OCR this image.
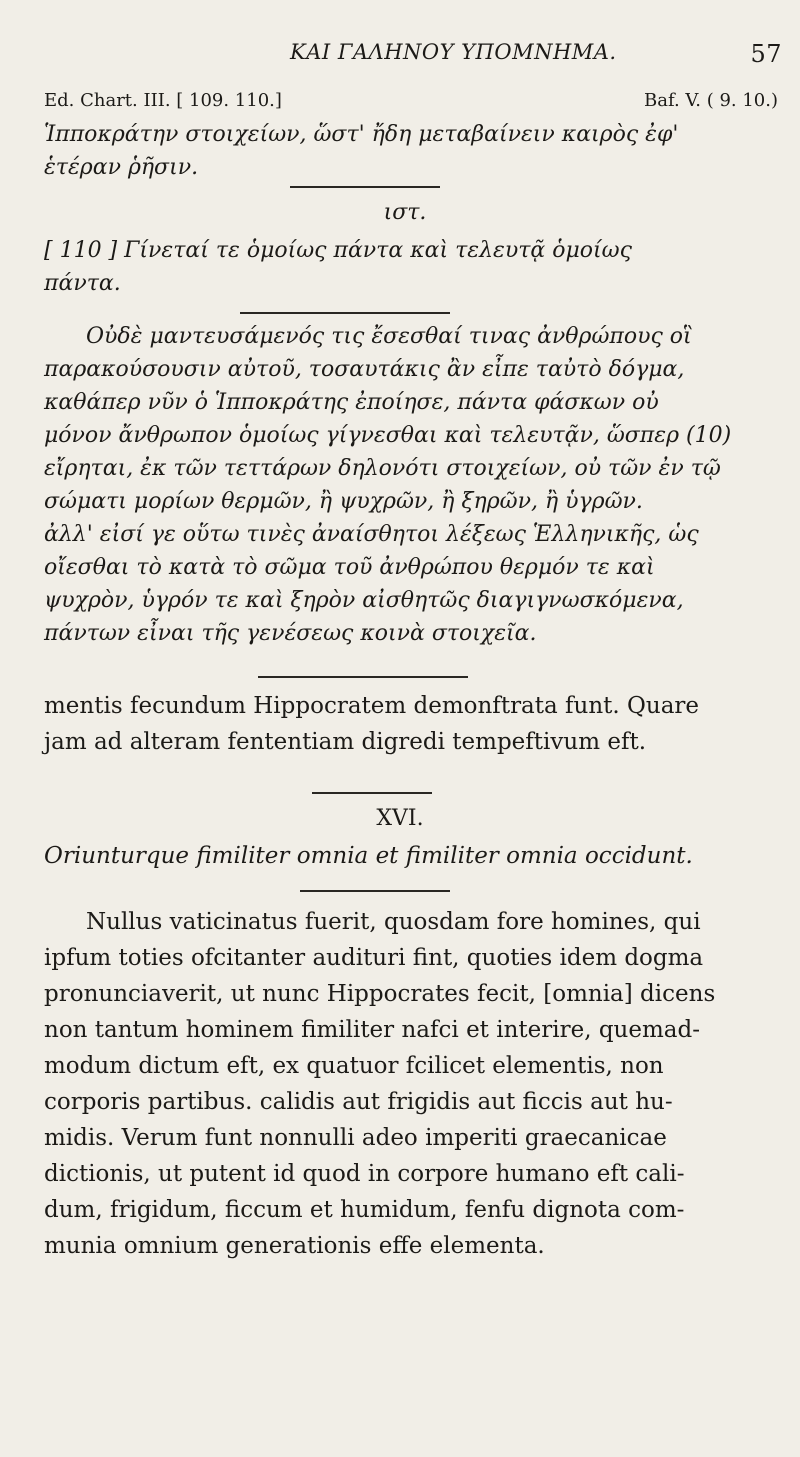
ΚΑΙ ΓΑΛΗΝΟΥ ΥΠΟΜΝΗΜΑ.	57
Ed. Chart. III. [ 109. 110.]	Baf. V. ( 9. 10.)
Ἱπποκράτην στοιχείων, ὥστ' ἤδη μεταβαίνειν καιρὸς ἐφ'
ἑτέραν ῥῆσιν.
ιστ.
[ 110 ] Γίνεταί τε ὁμοίως πάντα καὶ τελευτᾷ ὁμοίως
πάντα.
Οὐδὲ μαντευσάμενός τις ἔσεσθαί τινας ἀνθρώπους οἳ
παρακούσουσιν αὐτοῦ, τοσαυτάκις ἂν εἶπε ταὐτὸ δόγμα,
καθάπερ νῦν ὁ Ἱπποκράτης ἐποίησε, πάντα φάσκων οὐ
μόνον ἄνθρωπον ὁμοίως γίγνεσθαι καὶ τελευτᾷν, ὥσπερ (10)
εἴρηται, ἐκ τῶν τεττάρων δηλονότι στοιχείων, οὐ τῶν ἐν τῷ
σώματι μορίων θερμῶν, ἢ ψυχρῶν, ἢ ξηρῶν, ἢ ὑγρῶν.
ἀλλ' εἰσί γε οὕτω τινὲς ἀναίσθητοι λέξεως Ἑλληνικῆς, ὡς
οἴεσθαι τὸ κατὰ τὸ σῶμα τοῦ ἀνθρώπου θερμόν τε καὶ
ψυχρὸν, ὑγρόν τε καὶ ξηρὸν αἰσθητῶς διαγιγνωσκόμενα,
πάντων εἶναι τῆς γενέσεως κοινὰ στοιχεῖα.
mentis fecundum Hippocratem demonftrata funt. Quare
jam ad alteram fententiam digredi tempeftivum eft.
XVI.
Oriunturque fimiliter omnia et fimiliter omnia occidunt.
Nullus vaticinatus fuerit, quosdam fore homines, qui
ipfum toties ofcitanter audituri fint, quoties idem dogma
pronunciaverit, ut nunc Hippocrates fecit, [omnia] dicens
non tantum hominem fimiliter nafci et interire, quemad-
modum dictum eft, ex quatuor fcilicet elementis, non
corporis partibus. calidis aut frigidis aut ficcis aut hu-
midis. Verum funt nonnulli adeo imperiti graecanicae
dictionis, ut putent id quod in corpore humano eft cali-
dum, frigidum, ficcum et humidum, fenfu dignota com-
munia omnium generationis effe elementa.
